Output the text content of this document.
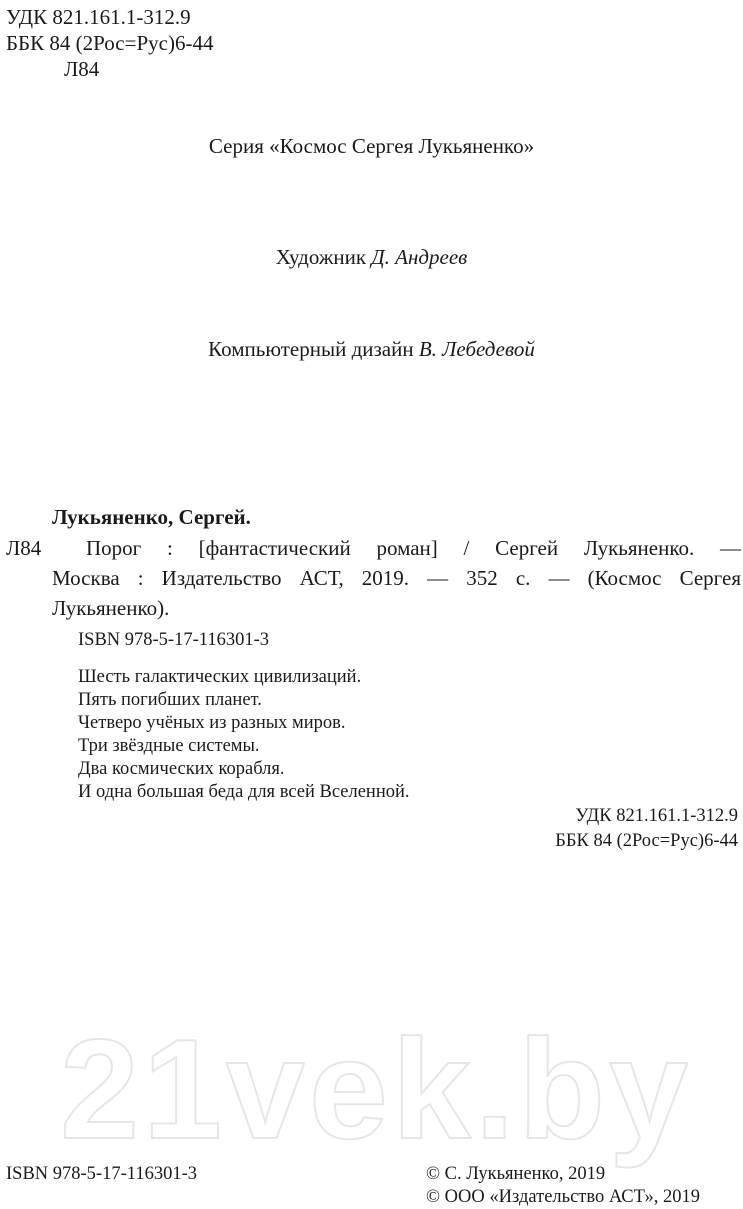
21vek.by
УДК 821.161.1-312.9
ББК 84 (2Рос=Рус)6-44
Л84
Серия «Космос Сергея Лукьяненко»
Художник Д. Андреев
Компьютерный дизайн В. Лебедевой
Лукьяненко, Сергей.
Л84 Порог : [фантастический роман] / Сергей Лукьяненко. —
Москва : Издательство АСТ, 2019. — 352 с. — (Космос Сергея
Лукьяненко).
ISBN 978-5-17-116301-3
Шесть галактических цивилизаций.
Пять погибших планет.
Четверо учёных из разных миров.
Три звёздные системы.
Два космических корабля.
И одна большая беда для всей Вселенной.
УДК 821.161.1-312.9
ББК 84 (2Рос=Рус)6-44
ISBN 978-5-17-116301-3	© С. Лукьяненко, 2019
© ООО «Издательство АСТ», 2019
